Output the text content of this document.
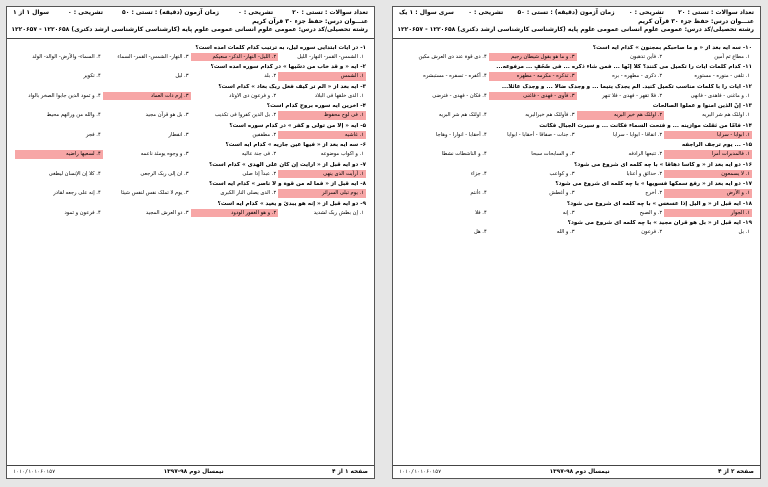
تعداد سوالات : تستی : ۲۰
تشریحی : ۰
زمان آزمون (دقیقه) : تستی : ۵۰
تشریحی : ۰
سوال ۱ از ۱
عنـــوان درس: حفظ جزء ۳۰ قرآن کریم
رشته تحصیلی/کد درس: عمومی علوم انسانی عمومی علوم پایه (کارشناسی کارشناسی ارشد دکتری) ۱۲۲۰۶۵۸ - ۱۲۲۰۶۵۷
۱- در آیات ابتدایی سوره لیل، به ترتیب کدام کلمات آمده است؟
۱. الشمس- القمر- النهار- اللیل
۲. اللیل- النهار- الذکر- سعیکم
۳. النهار- الشمس- القمر- السماء
۴. السماء- والأرض- الوالد- الولد
۲- آیه « و قد خاب من دسّیها » در کدام سوره آمده است؟
۱. الشمس
۲. بلد
۳. لیل
۴. تکویر
۳- آیه بعد از « ألم تر کیف فعل ربک بعاد » کدام است؟
۱. الذی خلقها فی البلاد
۲. و فرعون ذی الاوتاد
۳. إرم ذات العماد
۴. و ثمود الذین جابوا الصخر بالواد
۴- آخرین آیه سوره بروج کدام است؟
۱. فی لوح محفوظ
۲. بل الذین کفروا فی تکذیب
۳. بل هو قرآن مجید
۴. والله من ورائهم محیط
۵- آیه « إلا من تولی و کفر » در کدام سوره است؟
۱. غاشیه
۲. مطففین
۳. انفطار
۴. فجر
۶- سه آیه بعد از « فیها عین جاریه » کدام آیه است؟
۱. و اکواب موضوعه
۲. فی جنة عالیه
۳. و وجوه یومئذ ناعمه
۴. لسعیها راضیه
۷- دو آیه قبل از « أرأیت إن کان علی الهدی » کدام است؟
۱. أرأیت الذی ینهی
۲. عبداً إذا صلی
۳. ان إلی ربک الرجعی
۴. کلا إن الإنسان لیطغی
۸- آیه قبل از « فما له من قوة و لا ناصر » کدام آیه است؟
۱. یوم تبلی السرائر
۲. الذی یصلی النار الکبری
۳. یوم لا تملک نفس لنفس شیئا
۴. إنه علی رجعه لقادر
۹- دو آیه قبل از « إنه هو یبدئ و یعید » کدام آیه است؟
۱. إن بطش ربک لشدید
۲. و هو الغفور الودود
۳. ذو العرش المجید
۴. فرعون و ثمود
صفحه ۱ از ۴
نیمسال دوم ۹۸-۱۳۹۷
۱۰۱۰/۱۰۱۰۶۰۱۵۷
تعداد سوالات : تستی : ۲۰
تشریحی : ۰
زمان آزمون (دقیقه) : تستی : ۵۰
تشریحی : ۰
سری سوال : ۱ یک
عنـــوان درس: حفظ جزء ۳۰ قرآن کریم
رشته تحصیلی/کد درس: عمومی علوم انسانی عمومی علوم پایه (کارشناسی کارشناسی ارشد دکتری) ۱۲۲۰۶۵۸ - ۱۲۲۰۶۵۷
۱۰- سه آیه بعد از « و ما صاحبکم بمجنون » کدام آیه است؟
۱. مطاع ثم أمین
۲. فأین تذهبون
۳. و ما هو بقول شیطان رجیم
۴. ذی قوة عند ذی العرش مکین
۱۱- کدام کلمات آیات را تکمیل می کنند؟ کلّا إنّها ... فمن شاء ذکره ... فی صُحُفٍ ... مرفوعه...
۱. تلقی - منوره - مستوره
۲. ذکری - مطهره - بره
۳. تذکره - مکرمه - مطهره
۴. أکفره - تسفره - مستبشره
۱۲- آیات را با کلمات مناسب تکمیل کنید. ألم یجدک یتیماً ... و وجدک ضالاً ... و وجدک عائلاً...
۱. و ماغنی - فاهدی - فانهی
۲. فلا تقهر - فهدی - فلا تنهر
۳. فآوی - فهدی - فاغنی
۴. فکان - فهدی - فترضی
۱۳- إنّ الذین امنوا و عملوا الصالحات
۱. اولئک هم شر البریه
۲. اولئک هم خیر البریه
۳. فأولئک هم خیرالبریه
۴. اولئک هم شر البریه
۱۴- فأمّا من ثقلت موازینه ... و فتحت السماء فکانت ... و سیرت الجبال فکانت
۱. ابوابا - سرابا
۲. انفاقا - ابوابا - سرابا
۳. جنات - صفاقا - أحقابا - ابوابا
۴. أحقابا - انوارا - وهاجا
۱۵- ... یوم ترجف الراجفه
۱. فالمدبرات أمرا
۲. تتبعها الرادفه
۳. و السابحات سبحا
۴. و الناشطات نشطا
۱۶- دو آیه بعد از « و کأساً دهاقاً » با چه کلمه ای شروع می شود؟
۱. لا یسمعون
۲. حدائق و أعنابا
۳. و کواعب
۴. جزاء
۱۷- دو آیه بعد از « رفع سمکها فسویها » با چه کلمه ای شروع می شود؟
۱. و الأرض
۲. أخرج
۳. و أغطش
۴. ءأنتم
۱۸- آیه قبل از « و الیل إذا عسعس » با چه کلمه ای شروع می شود؟
۱. الجوار
۲. و الصبح
۳. إنه
۴. فلا
۱۹- آیه قبل از « بل هو قرآن مجید » با چه کلمه ای شروع می شود؟
۱. بل
۲. فرعون
۳. و الله
۴. هل
صفحه ۲ از ۴
نیمسال دوم ۹۸-۱۳۹۷
۱۰۱۰/۱۰۱۰۶۰۱۵۷
